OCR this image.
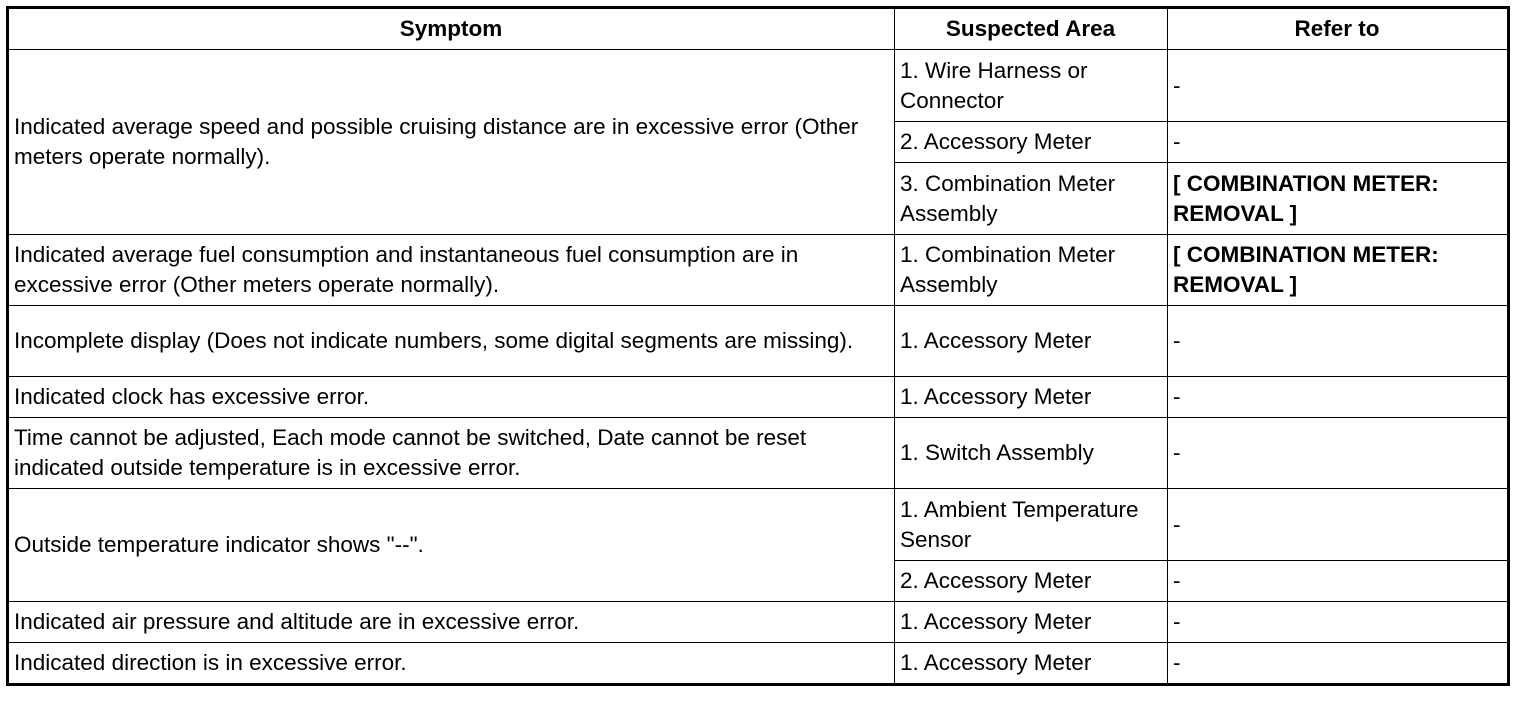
Symptom	Suspected Area	Refer to
Indicated average speed and possible cruising distance are in excessive error (Other meters operate normally).	1. Wire Harness or Connector	-
	2. Accessory Meter	-
	3. Combination Meter Assembly	[ COMBINATION METER: REMOVAL ]
Indicated average fuel consumption and instantaneous fuel consumption are in excessive error (Other meters operate normally).	1. Combination Meter Assembly	[ COMBINATION METER: REMOVAL ]
Incomplete display (Does not indicate numbers, some digital segments are missing).	1. Accessory Meter	-
Indicated clock has excessive error.	1. Accessory Meter	-
Time cannot be adjusted, Each mode cannot be switched, Date cannot be reset indicated outside temperature is in excessive error.	1. Switch Assembly	-
Outside temperature indicator shows "--".	1. Ambient Temperature Sensor	-
	2. Accessory Meter	-
Indicated air pressure and altitude are in excessive error.	1. Accessory Meter	-
Indicated direction is in excessive error.	1. Accessory Meter	-
